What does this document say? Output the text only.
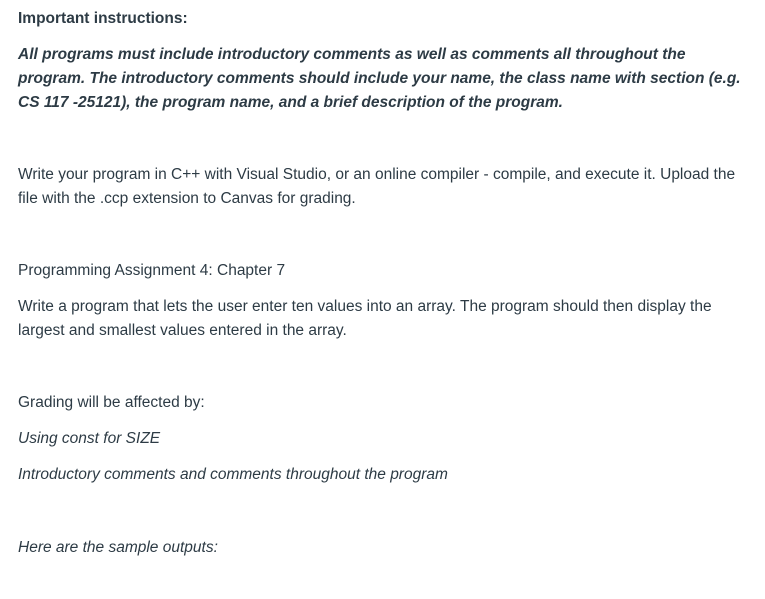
Important instructions:

All programs must include introductory comments as well as comments all throughout the program. The introductory comments should include your name, the class name with section (e.g. CS 117 -25121), the program name, and a brief description of the program.

Write your program in C++ with Visual Studio, or an online compiler - compile, and execute it. Upload the file with the .ccp extension to Canvas for grading.

Programming Assignment 4: Chapter 7

Write a program that lets the user enter ten values into an array. The program should then display the largest and smallest values entered in the array.

Grading will be affected by:

Using const for SIZE

Introductory comments and comments throughout the program

Here are the sample outputs:
